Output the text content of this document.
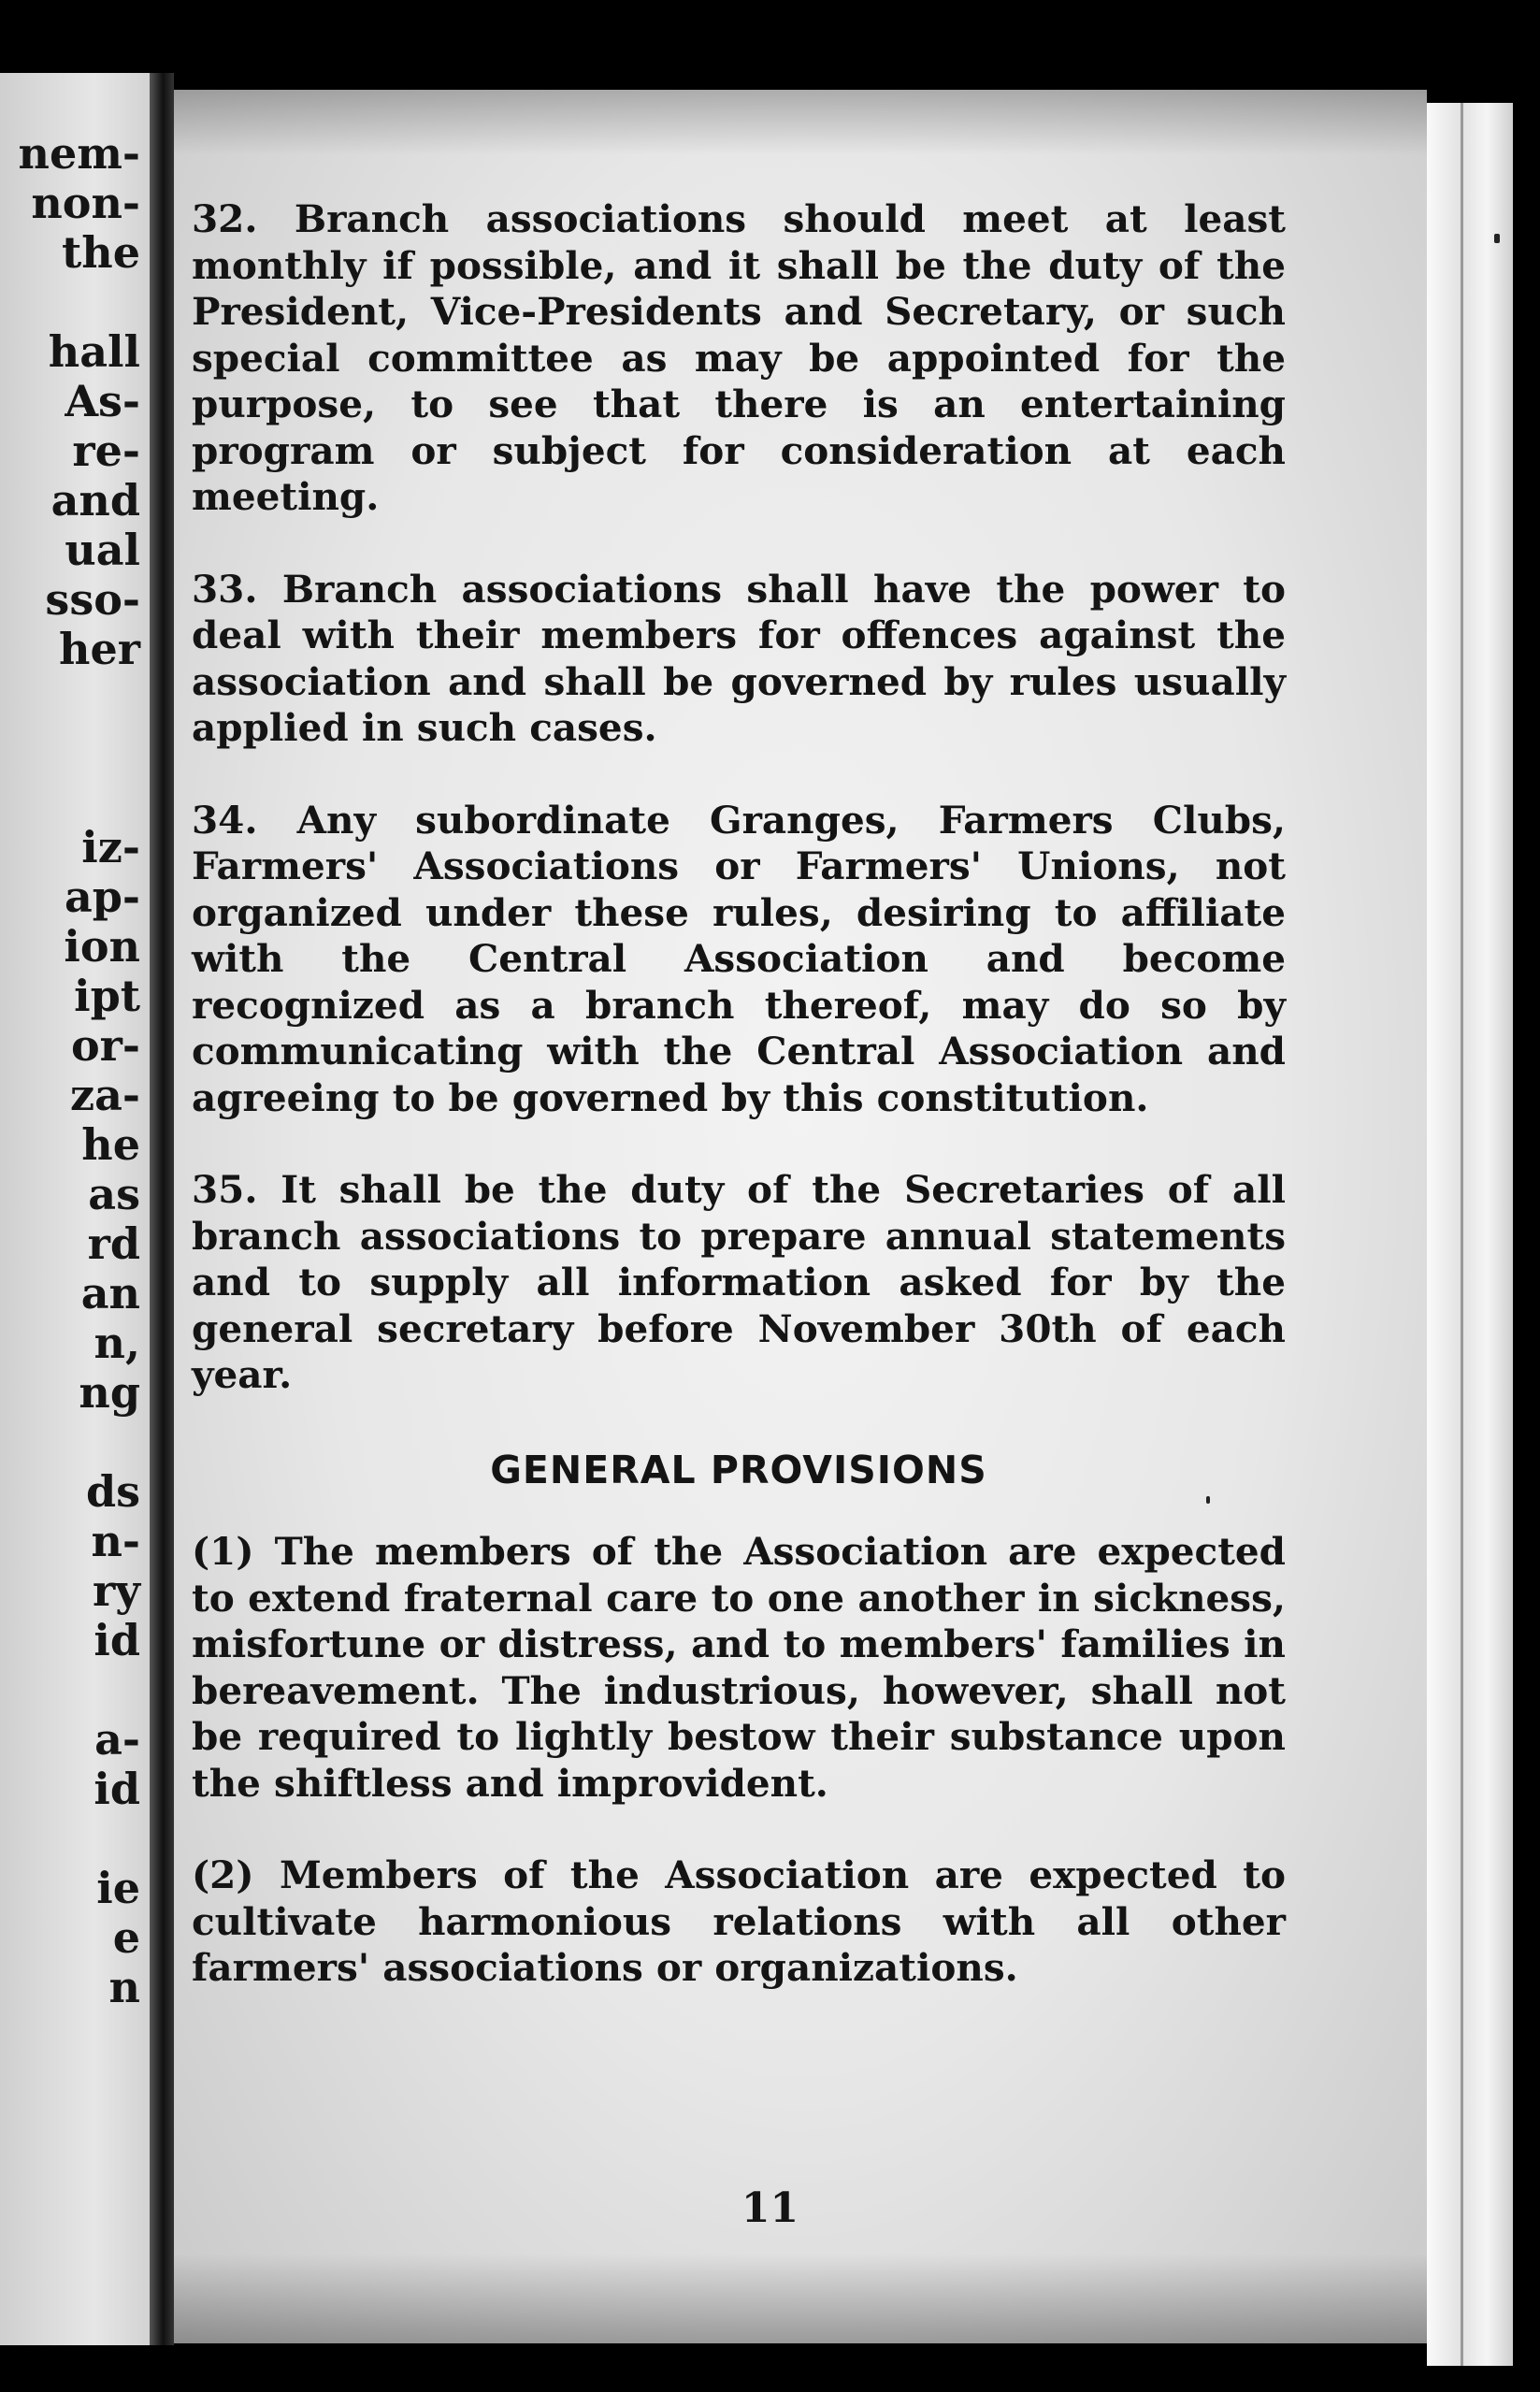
nem-
non-
the

hall
As-
re-
and
ual
sso-
her

iz-
ap-
ion
ipt
or-
za-
he
as
rd
an
n,
ng

ds
n-
ry
id

a-
id

ie
e
n

32. Branch associations should meet at least monthly if possible, and it shall be the duty of the President, Vice-Presidents and Secretary, or such special committee as may be appointed for the purpose, to see that there is an entertaining program or subject for consideration at each meeting.

33. Branch associations shall have the power to deal with their members for offences against the association and shall be governed by rules usually applied in such cases.

34. Any subordinate Granges, Farmers Clubs, Farmers' Associations or Farmers' Unions, not organized under these rules, desiring to affiliate with the Central Association and become recognized as a branch thereof, may do so by communicating with the Central Association and agreeing to be governed by this constitution.

35. It shall be the duty of the Secretaries of all branch associations to prepare annual statements and to supply all information asked for by the general secretary before November 30th of each year.

GENERAL PROVISIONS

(1) The members of the Association are expected to extend fraternal care to one another in sickness, misfortune or distress, and to members' families in bereavement. The industrious, however, shall not be required to lightly bestow their substance upon the shiftless and improvident.

(2) Members of the Association are expected to cultivate harmonious relations with all other farmers' associations or organizations.

11
